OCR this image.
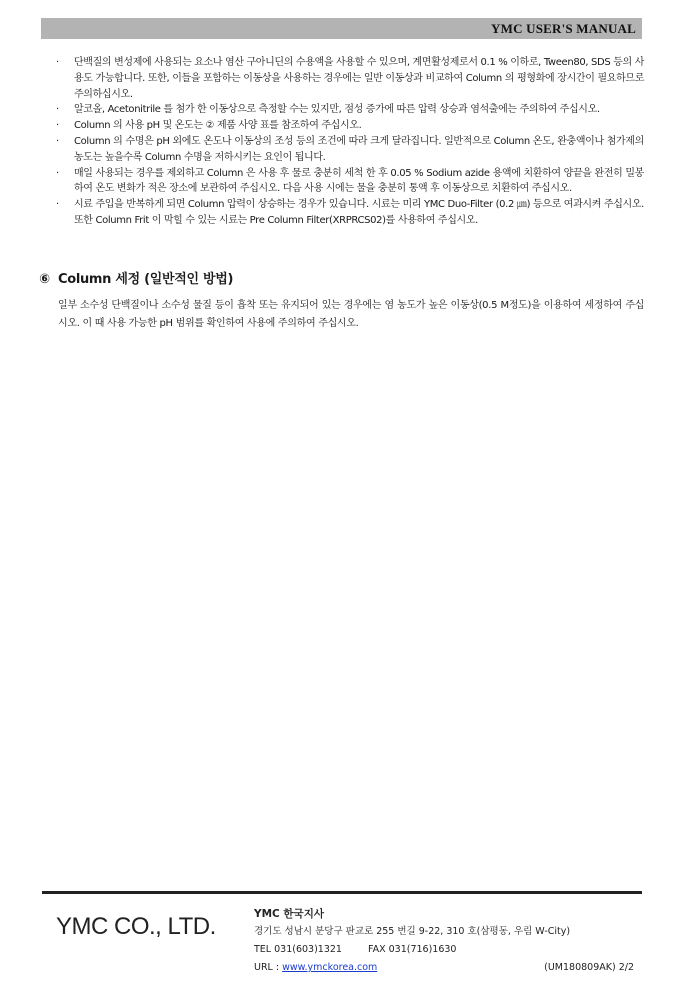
YMC USER'S MANUAL
· 단백질의 변성제에 사용되는 요소나 염산 구아니딘의 수용액을 사용할 수 있으며, 계면활성제로서 0.1 % 이하로, Tween80, SDS 등의 사용도 가능합니다. 또한, 이들을 포함하는 이동상을 사용하는 경우에는 일반 이동상과 비교하여 Column 의 평형화에 장시간이 필요하므로 주의하십시오.
· 알코올, Acetonitrile 를 첨가 한 이동상으로 측정할 수는 있지만, 점성 증가에 따른 압력 상승과 염석출에는 주의하여 주십시오.
· Column 의 사용 pH 및 온도는 ② 제품 사양 표를 참조하여 주십시오.
· Column 의 수명은 pH 외에도 온도나 이동상의 조성 등의 조건에 따라 크게 달라집니다. 일반적으로 Column 온도, 완충액이나 첨가제의 농도는 높을수록 Column 수명을 저하시키는 요인이 됩니다.
· 매일 사용되는 경우를 제외하고 Column 은 사용 후 물로 충분히 세척 한 후 0.05 % Sodium azide 용액에 치환하여 양끝을 완전히 밀봉하여 온도 변화가 적은 장소에 보관하여 주십시오. 다음 사용 시에는 물을 충분히 통액 후 이동상으로 치환하여 주십시오.
· 시료 주입을 반복하게 되면 Column 압력이 상승하는 경우가 있습니다. 시료는 미리 YMC Duo-Filter (0.2 ㎛) 등으로 여과시켜 주십시오. 또한 Column Frit 이 막힐 수 있는 시료는 Pre Column Filter(XRPRCS02)를 사용하여 주십시오.
⑥ Column 세정 (일반적인 방법)
일부 소수성 단백질이나 소수성 물질 등이 흡착 또는 유지되어 있는 경우에는 염 농도가 높은 이동상(0.5 M정도)을 이용하여 세정하여 주십시오. 이 때 사용 가능한 pH 범위를 확인하여 사용에 주의하여 주십시오.
YMC CO., LTD.	YMC 한국지사
경기도 성남시 분당구 판교로 255 번길 9-22, 310 호(삼평동, 우림 W-City)
TEL 031(603)1321	FAX 031(716)1630
URL : www.ymckorea.com	(UM180809AK) 2/2
